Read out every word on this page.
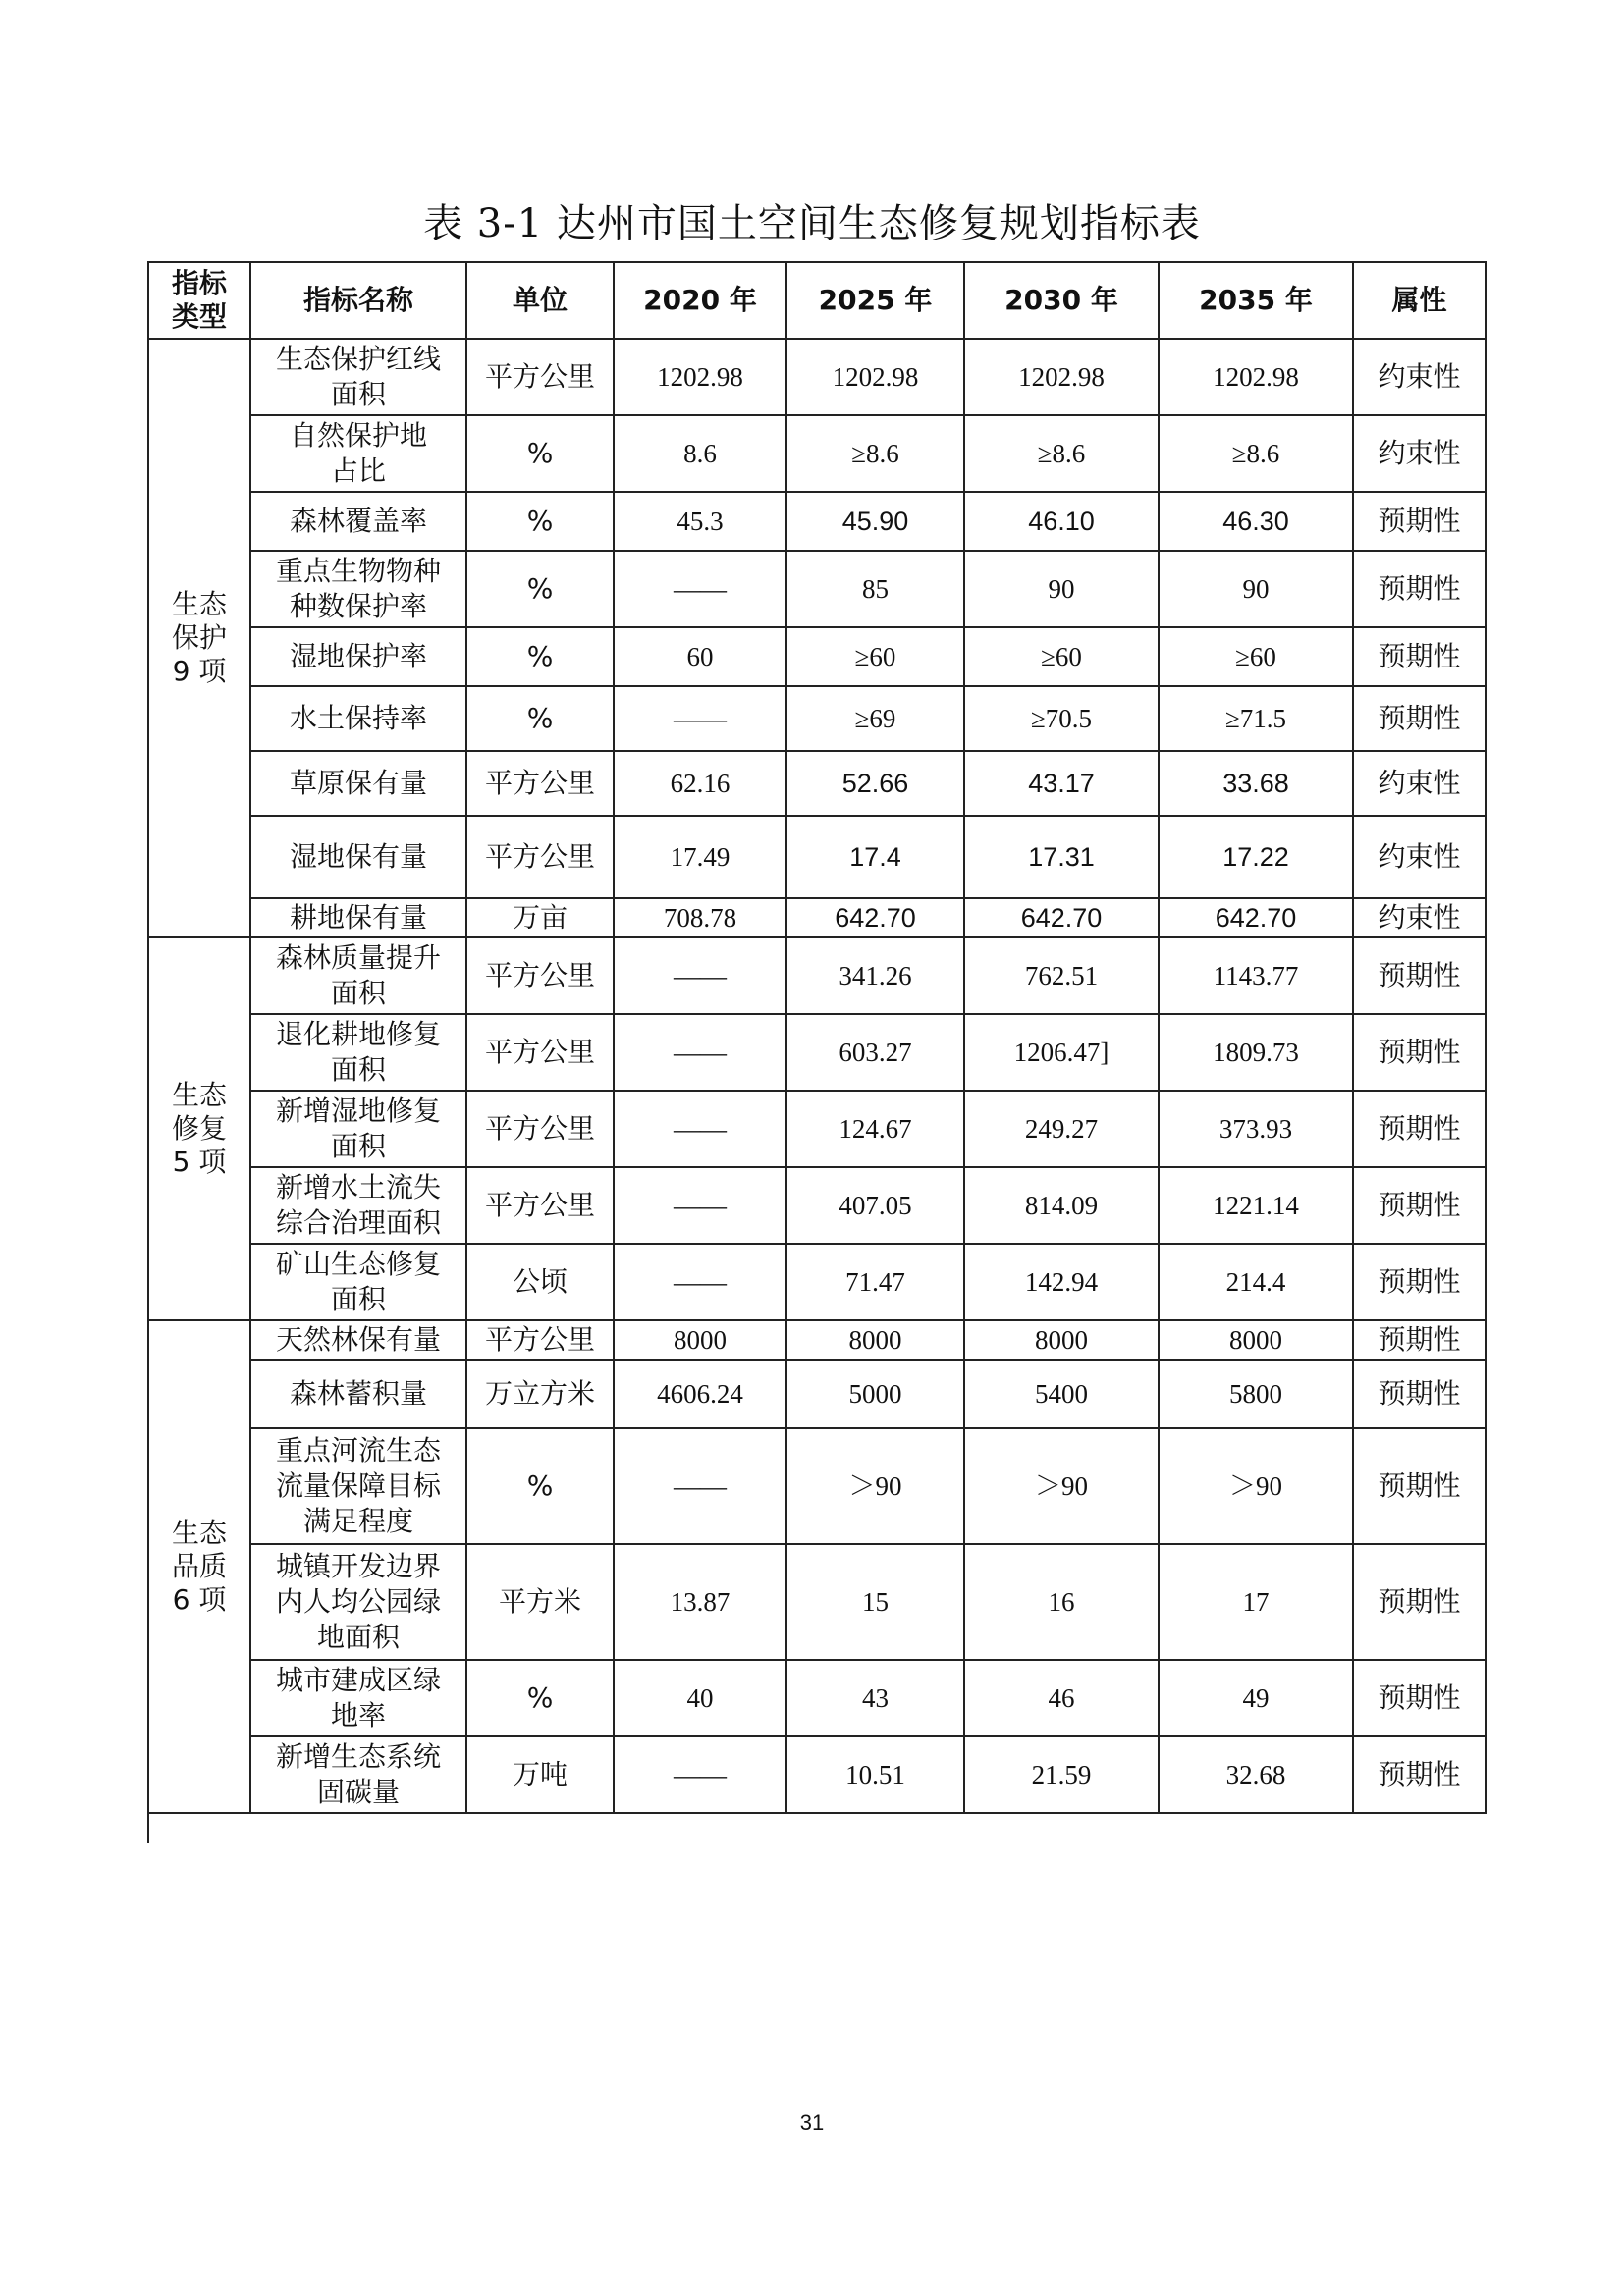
表 3-1 达州市国土空间生态修复规划指标表
指标
类型	指标名称	单位	2020 年	2025 年	2030 年	2035 年	属性
生态
保护
9 项	生态保护红线
面积	平方公里	1202.98	1202.98	1202.98	1202.98	约束性
	自然保护地
占比	%	8.6	≥8.6	≥8.6	≥8.6	约束性
	森林覆盖率	%	45.3	45.90	46.10	46.30	预期性
	重点生物物种
种数保护率	%	——	85	90	90	预期性
	湿地保护率	%	60	≥60	≥60	≥60	预期性
	水土保持率	%	——	≥69	≥70.5	≥71.5	预期性
	草原保有量	平方公里	62.16	52.66	43.17	33.68	约束性
	湿地保有量	平方公里	17.49	17.4	17.31	17.22	约束性
	耕地保有量	万亩	708.78	642.70	642.70	642.70	约束性
生态
修复
5 项	森林质量提升
面积	平方公里	——	341.26	762.51	1143.77	预期性
	退化耕地修复
面积	平方公里	——	603.27	1206.47]	1809.73	预期性
	新增湿地修复
面积	平方公里	——	124.67	249.27	373.93	预期性
	新增水土流失
综合治理面积	平方公里	——	407.05	814.09	1221.14	预期性
	矿山生态修复
面积	公顷	——	71.47	142.94	214.4	预期性
生态
品质
6 项	天然林保有量	平方公里	8000	8000	8000	8000	预期性
	森林蓄积量	万立方米	4606.24	5000	5400	5800	预期性
	重点河流生态
流量保障目标
满足程度	%	——	＞90	＞90	＞90	预期性
	城镇开发边界
内人均公园绿
地面积	平方米	13.87	15	16	17	预期性
	城市建成区绿
地率	%	40	43	46	49	预期性
	新增生态系统
固碳量	万吨	——	10.51	21.59	32.68	预期性
31
